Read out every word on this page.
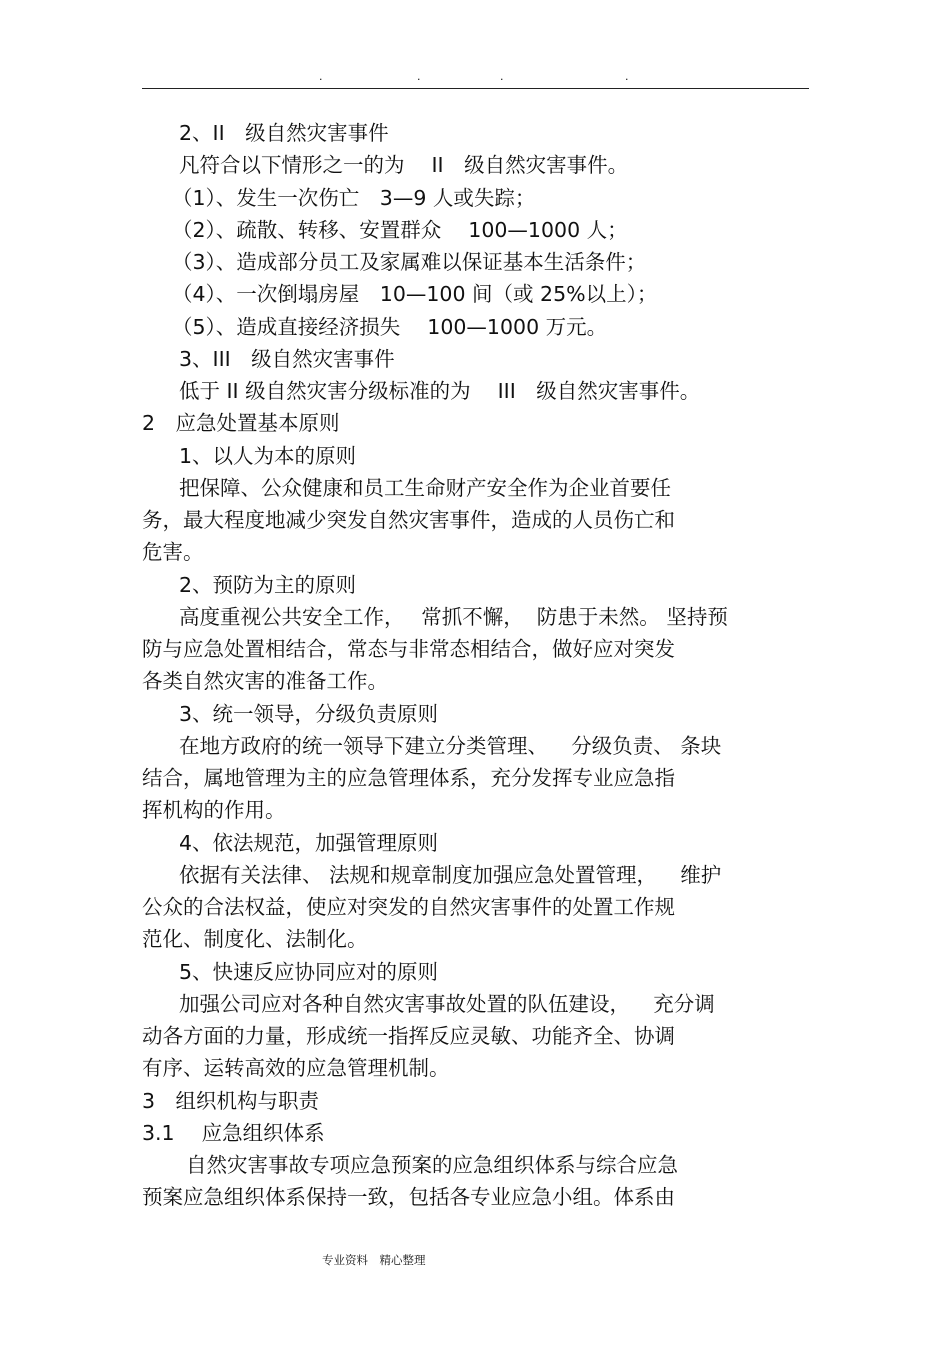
.	.	.	.
2、II　级自然灾害事件
凡符合以下情形之一的为　 II　级自然灾害事件。
（1）、发生一次伤亡　3—9 人或失踪；
（2）、疏散、转移、安置群众　 100—1000 人；
（3）、造成部分员工及家属难以保证基本生活条件；
（4）、一次倒塌房屋　10—100 间（或 25%以上）；
（5）、造成直接经济损失　 100—1000 万元。
3、III　级自然灾害事件
低于 II 级自然灾害分级标准的为　 III　级自然灾害事件。
2　应急处置基本原则
1、以人为本的原则
把保障、公众健康和员工生命财产安全作为企业首要任
务，最大程度地减少突发自然灾害事件，造成的人员伤亡和
危害。
2、预防为主的原则
高度重视公共安全工作，　 常抓不懈，  防患于未然。 坚持预
防与应急处置相结合，常态与非常态相结合，做好应对突发
各类自然灾害的准备工作。
3、统一领导，分级负责原则
在地方政府的统一领导下建立分类管理、　  分级负责、 条块
结合，属地管理为主的应急管理体系，充分发挥专业应急指
挥机构的作用。
4、依法规范，加强管理原则
依据有关法律、 法规和规章制度加强应急处置管理，　  维护
公众的合法权益，使应对突发的自然灾害事件的处置工作规
范化、制度化、法制化。
5、快速反应协同应对的原则
加强公司应对各种自然灾害事故处置的队伍建设，　  充分调
动各方面的力量，形成统一指挥反应灵敏、功能齐全、协调
有序、运转高效的应急管理机制。
3　组织机构与职责
3.1　 应急组织体系
自然灾害事故专项应急预案的应急组织体系与综合应急
预案应急组织体系保持一致，包括各专业应急小组。体系由
专业资料　精心整理
